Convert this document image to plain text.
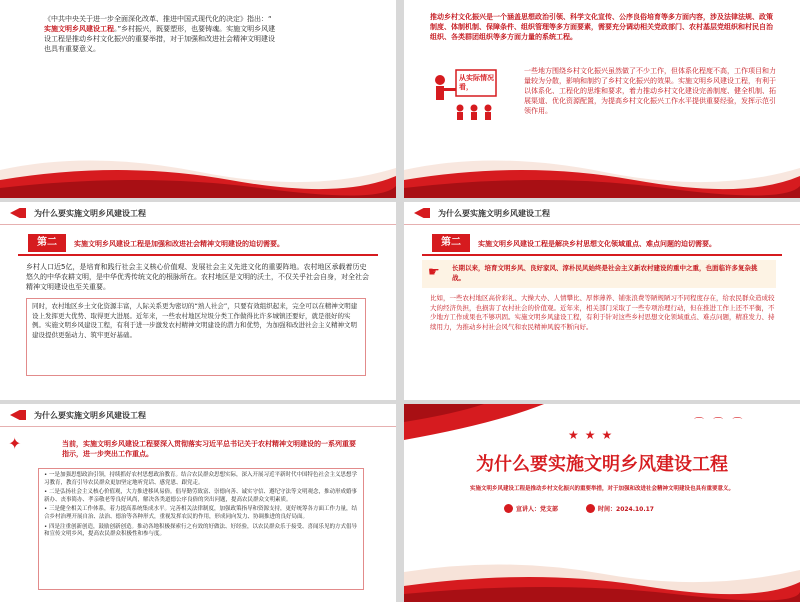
《中共中央关于进一步全面深化改革、推进中国式现代化的决定》指出：“
实施文明乡风建设工程。”乡村振兴，既要塑形，也要铸魂。实施文明乡风建
设工程是推动乡村文化振兴的重要举措，对于加强和改进社会精神文明建设
也具有重要意义。
推动乡村文化振兴是一个涵盖思想政治引领、科学文化宣传、公序良俗培育等多方面内容，涉及法律法规、政策制度、体制机制、保障条件、组织管理等多方面要素，需要充分调动相关党政部门、农村基层党组织和村民自治组织、各类群团组织等多方面力量的系统工程。
从实际情况看，
一些地方围绕乡村文化振兴虽然做了不少工作，但体系化程度不高，工作项目和力量较为分散，影响和制约了乡村文化振兴的效果。实施文明乡风建设工程，有利于以体系化、工程化的思维和要求，着力推动乡村文化建设完善制度、健全机制、拓展渠道、优化资源配置，为提高乡村文化振兴工作水平提供重要经验，发挥示范引领作用。
为什么要实施文明乡风建设工程
第二	实施文明乡风建设工程是加强和改进社会精神文明建设的迫切需要。
乡村人口近5亿，是培育和践行社会主义核心价值观、发展社会主义先进文化的重要阵地。农村地区承载着历史悠久的中华农耕文明，是中华优秀传统文化的根脉所在。农村地区是文明的沃土，不仅关乎社会自身，对全社会精神文明建设也至关重要。
同时，农村地区乡土文化资源丰富，人际关系更为密切的“熟人社会”，只要有效组织起来，完全可以在精神文明建设上发挥更大优势、取得更大进展。近年来，一些农村地区垃圾分类工作做得比许多城镇还要好，就是很好的实例。实施文明乡风建设工程，有利于进一步激发农村精神文明建设的潜力和优势，为加强和改进社会主义精神文明建设提供更强动力、筑牢更好基础。
为什么要实施文明乡风建设工程
第二	实施文明乡风建设工程是解决乡村思想文化领域重点、难点问题的迫切需要。
☛	长期以来，培育文明乡风、良好家风、淳朴民风始终是社会主义新农村建设的重中之重，也面临许多复杂挑战。
比如，一些农村地区高价彩礼、大操大办、人情攀比、厚葬薄养、铺张浪费等陋规陋习不同程度存在，给农民群众造成较大的经济负担，也损害了农村社会的价值观。近年来，相关部门采取了一些专项治理行动，但在推进工作上还不平衡，不少地方工作成果也不够巩固。实施文明乡风建设工程，有利于针对这些乡村思想文化领域重点、难点问题，精准发力、持续用力，为推动乡村社会风气和农民精神风貌不断向好。
为什么要实施文明乡风建设工程
✦	当前，实施文明乡风建设工程要深入贯彻落实习近平总书记关于农村精神文明建设的一系列重要指示，进一步突出工作重点。
• 一是加强思想政治引领，持续抓好农村思想政治教育。结合农民群众思想实际，深入开展习近平新时代中国特色社会主义思想学习教育，教育引导农民群众更加坚定地听党话、感党恩、跟党走。
• 二是弘扬社会主义核心价值观，大力推进移风易俗。倡导勤劳致富、崇德向善、诚实守信、遵纪守法等文明观念，推动形成婚事新办、丧事简办、孝亲敬老等良好风尚，解决各类道德公序良俗的突出问题，提高农民群众文明素质。
• 三是健全相关工作体系，着力提高系统集成水平。完善相关法律制度，加强政策指导和资源支持，更好统筹各方面工作力量，结合乡村治理开展自治、法治、德治等各种形式，重视发挥农民的作用，形成同向发力、协调推进的良好局面。
• 四是注重创新创造，鼓励创新创造。推动各地积极探索行之有效的好做法、好经验，以农民群众乐于接受、喜闻乐见的方式倡导和宣传文明乡风，提高农民群众积极性和参与度。
★★★
⌒ ⌒ ⌒
为什么要实施文明乡风建设工程
实施文明乡风建设工程是推动乡村文化振兴的重要举措，对于加强和改进社会精神文明建设也具有重要意义。
宣讲人：党支部	时间：2024.10.17
